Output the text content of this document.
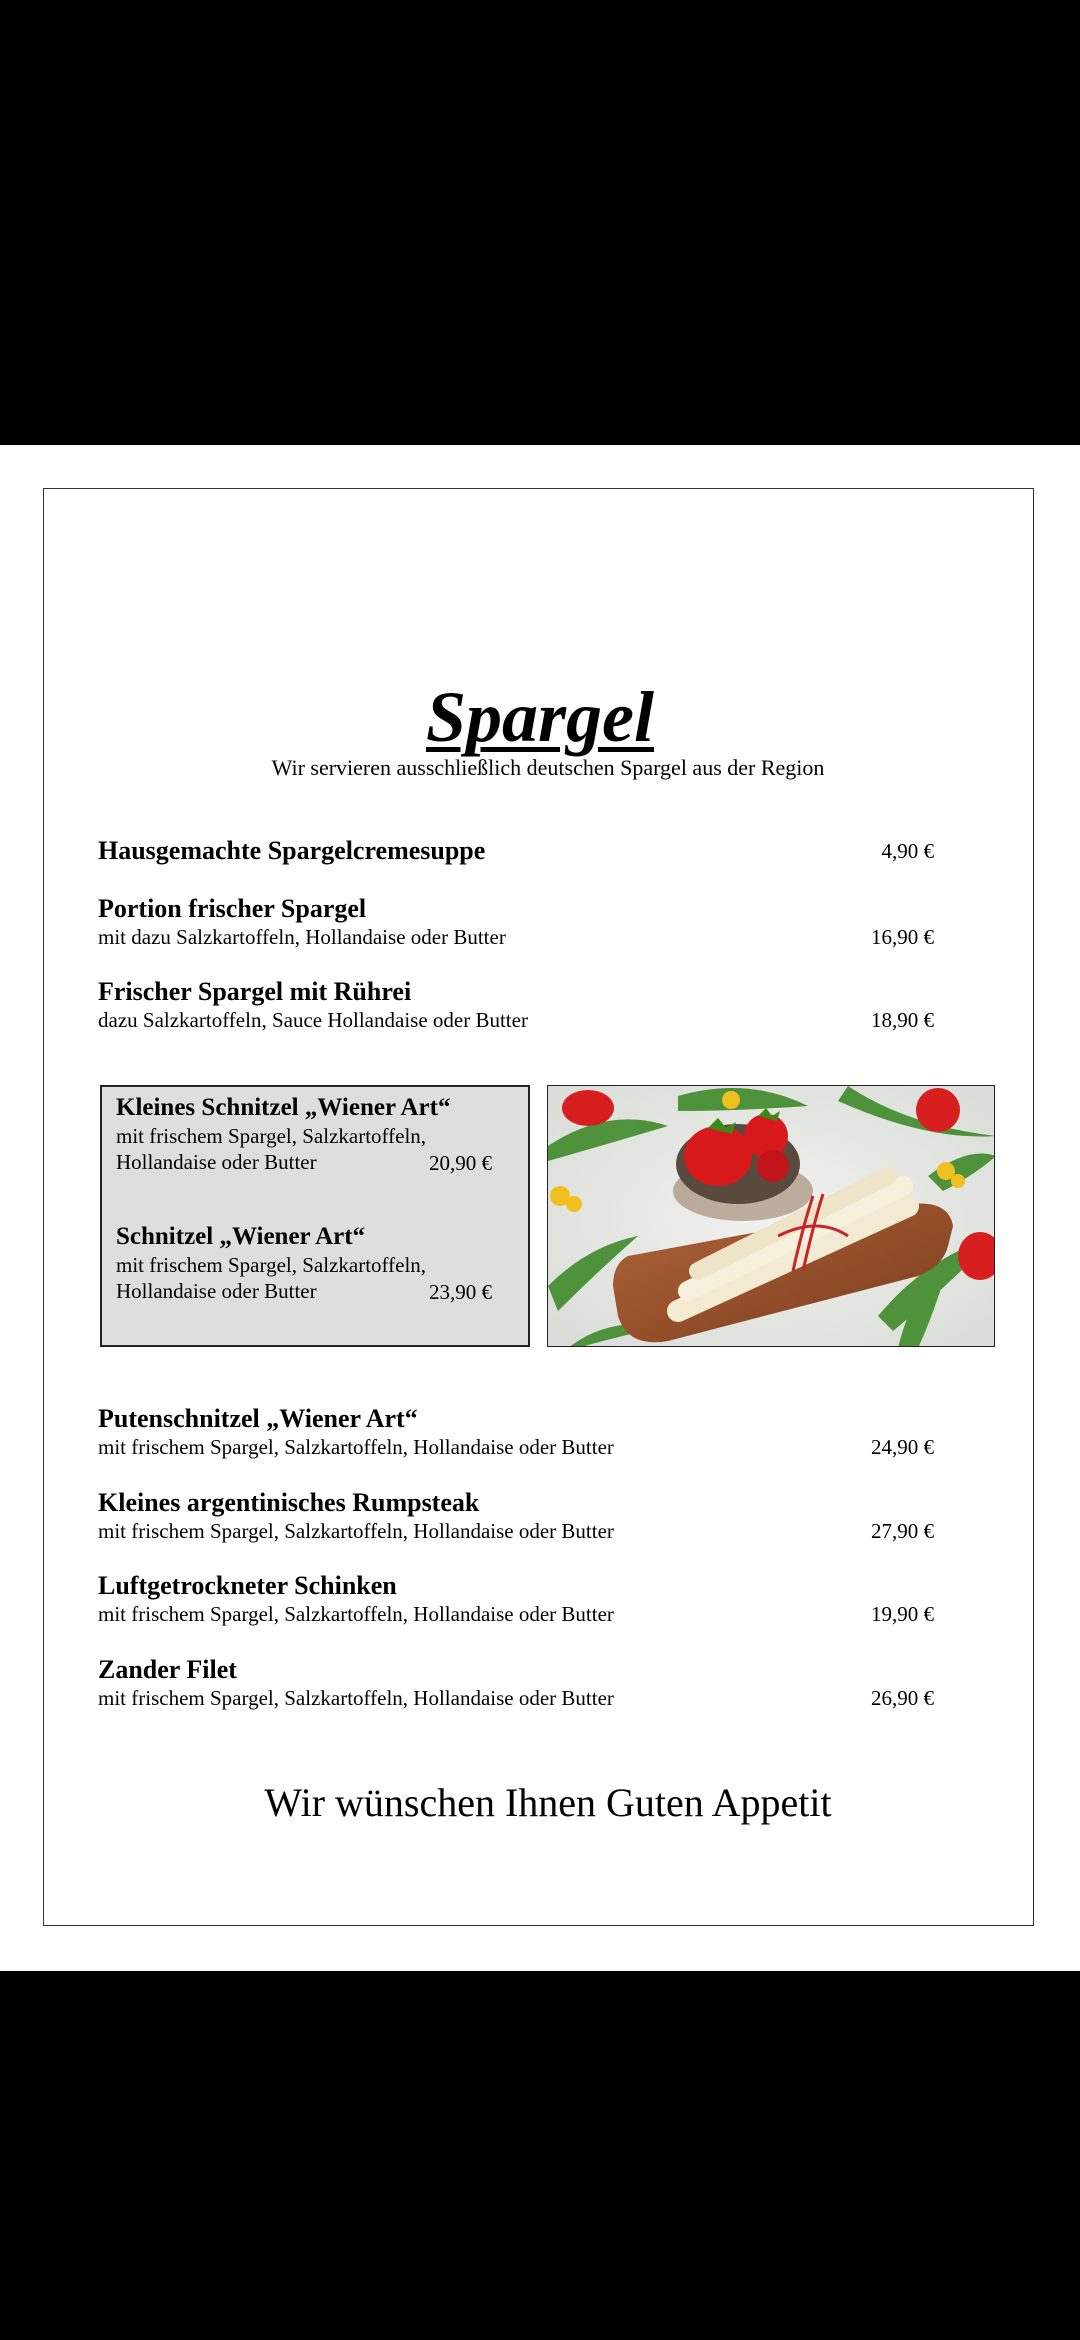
Spargel
Wir servieren ausschließlich deutschen Spargel aus der Region
Hausgemachte Spargelcremesuppe	4,90 €
Portion frischer Spargel
mit dazu Salzkartoffeln, Hollandaise oder Butter	16,90 €
Frischer Spargel mit Rührei
dazu Salzkartoffeln, Sauce Hollandaise oder Butter	18,90 €
Kleines Schnitzel „Wiener Art“
mit frischem Spargel, Salzkartoffeln,
Hollandaise oder Butter	20,90 €
Schnitzel „Wiener Art“
mit frischem Spargel, Salzkartoffeln,
Hollandaise oder Butter	23,90 €
Putenschnitzel „Wiener Art“
mit frischem Spargel, Salzkartoffeln, Hollandaise oder Butter	24,90 €
Kleines argentinisches Rumpsteak
mit frischem Spargel, Salzkartoffeln, Hollandaise oder Butter	27,90 €
Luftgetrockneter Schinken
mit frischem Spargel, Salzkartoffeln, Hollandaise oder Butter	19,90 €
Zander Filet
mit frischem Spargel, Salzkartoffeln, Hollandaise oder Butter	26,90 €
Wir wünschen Ihnen Guten Appetit
